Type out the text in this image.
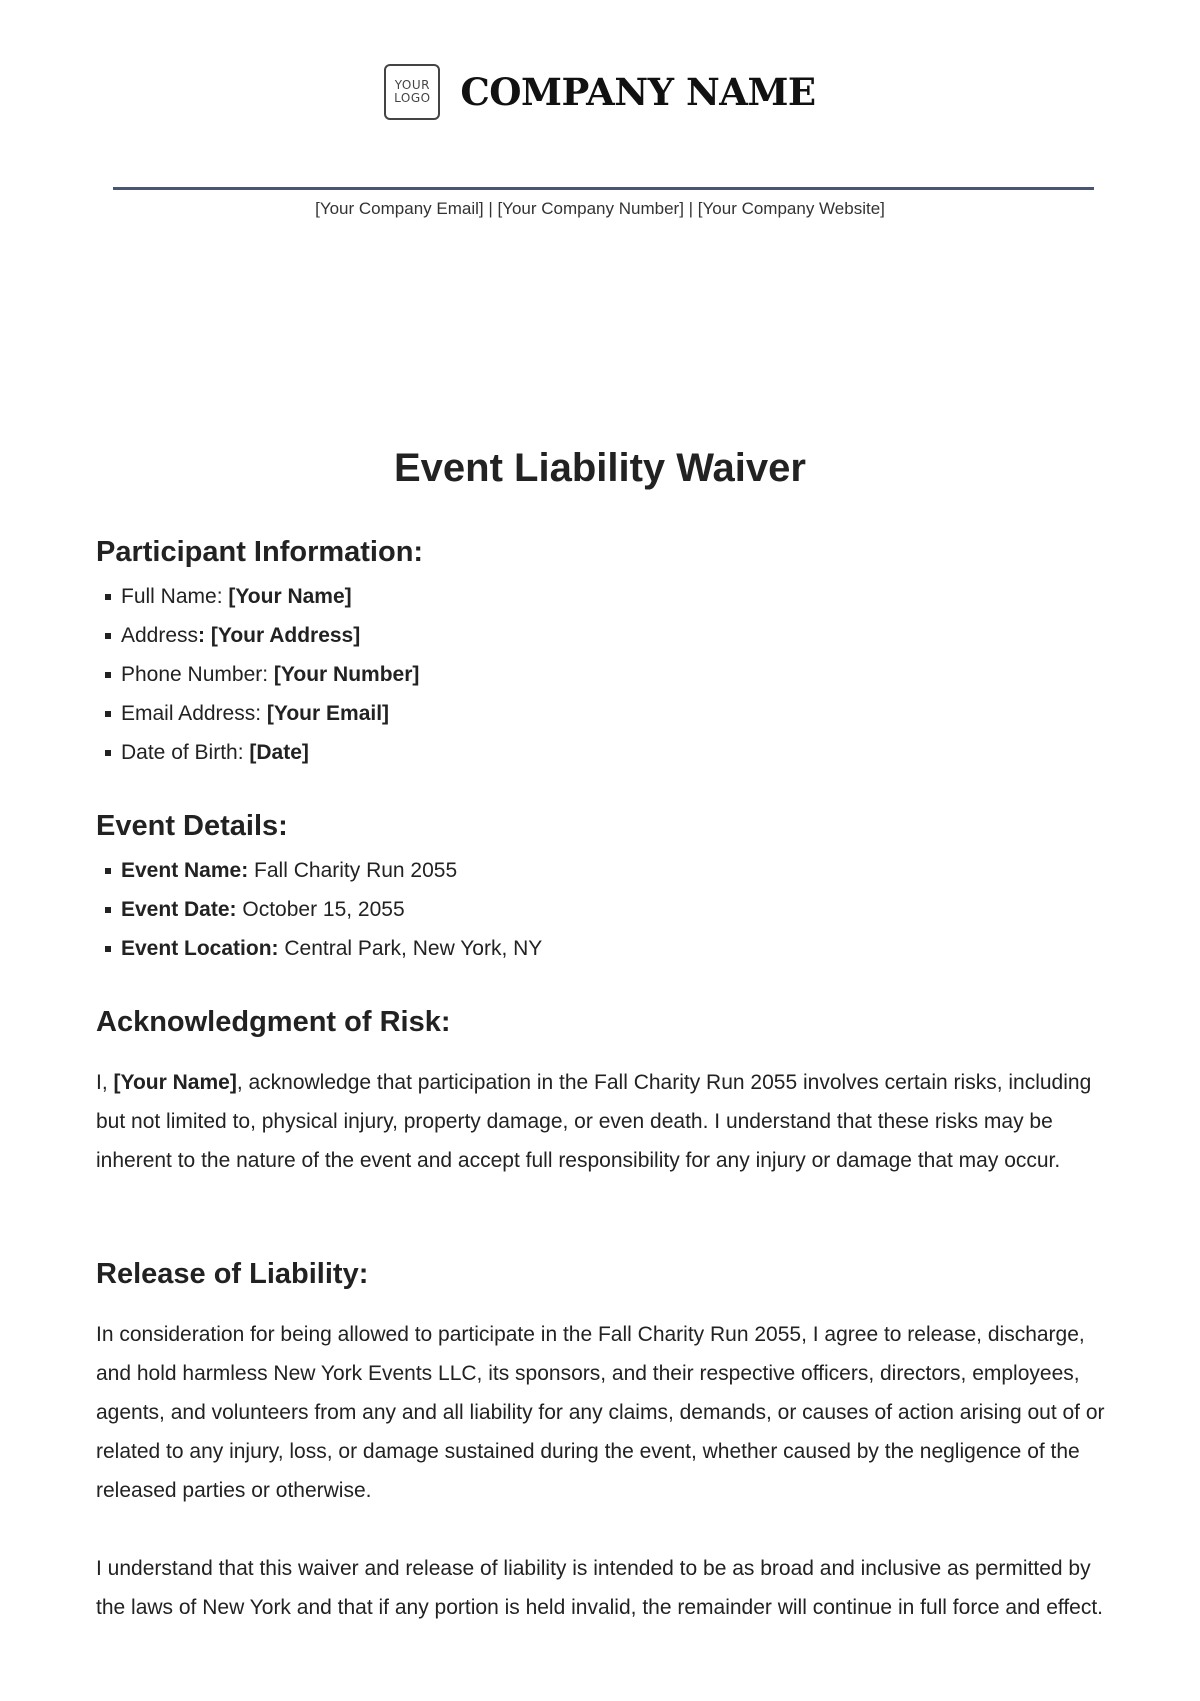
YOUR
LOGO COMPANY NAME
[Your Company Email] | [Your Company Number] | [Your Company Website]
Event Liability Waiver
Participant Information:
Full Name: [Your Name]
Address : [Your Address]
Phone Number: [Your Number]
Email Address: [Your Email]
Date of Birth: [Date]
Event Details:
Event Name: Fall Charity Run 2055
Event Date: October 15, 2055
Event Location: Central Park, New York, NY
Acknowledgment of Risk:

I, [Your Name], acknowledge that participation in the Fall Charity Run 2055 involves certain risks, including but not limited to, physical injury, property damage, or even death. I understand that these risks may be inherent to the nature of the event and accept full responsibility for any injury or damage that may occur.

Release of Liability:

In consideration for being allowed to participate in the Fall Charity Run 2055, I agree to release, discharge, and hold harmless New York Events LLC, its sponsors, and their respective officers, directors, employees, agents, and volunteers from any and all liability for any claims, demands, or causes of action arising out of or related to any injury, loss, or damage sustained during the event, whether caused by the negligence of the released parties or otherwise.

I understand that this waiver and release of liability is intended to be as broad and inclusive as permitted by the laws of New York and that if any portion is held invalid, the remainder will continue in full force and effect.
